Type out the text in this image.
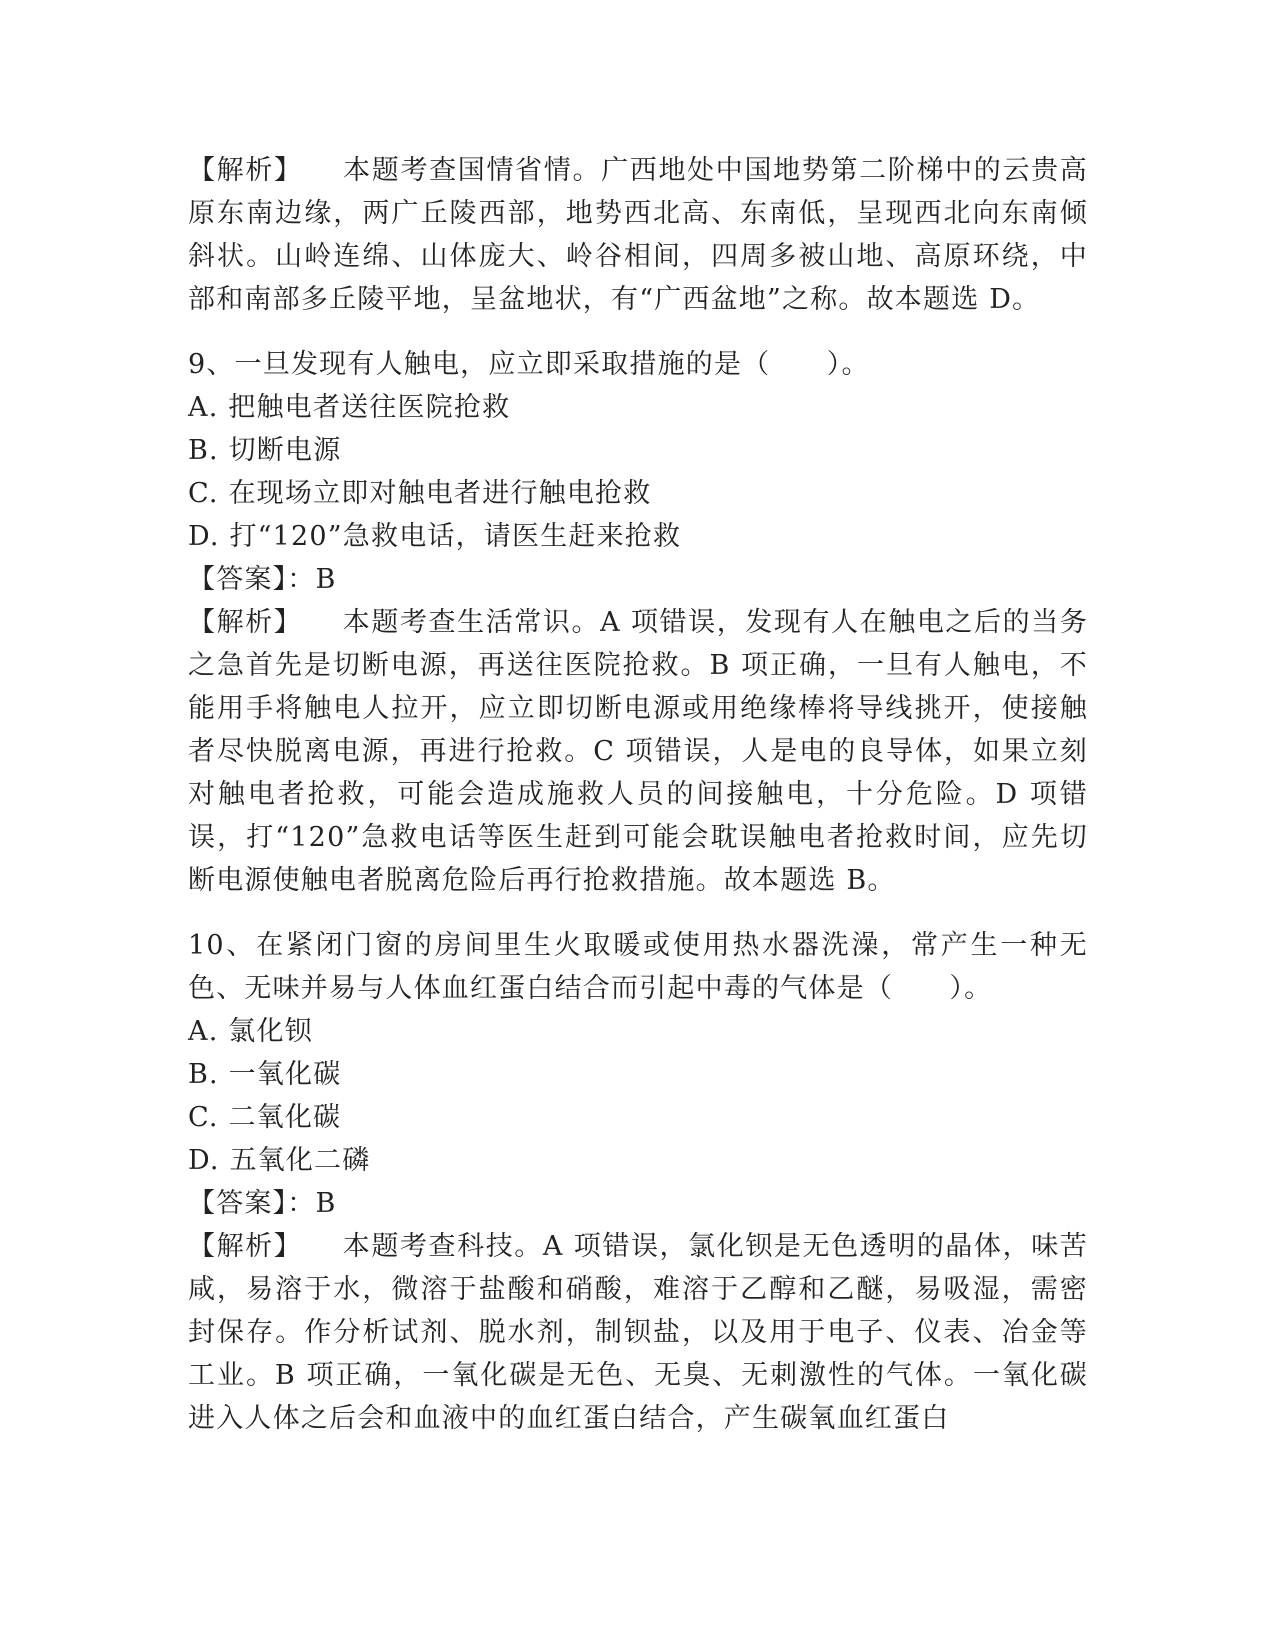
【解析】 本题考查国情省情。广西地处中国地势第二阶梯中的云贵高原东南边缘，两广丘陵西部，地势西北高、东南低，呈现西北向东南倾斜状。山岭连绵、山体庞大、岭谷相间，四周多被山地、高原环绕，中部和南部多丘陵平地，呈盆地状，有“广西盆地”之称。故本题选 D。

9、一旦发现有人触电，应立即采取措施的是（　　）。

A. 把触电者送往医院抢救

B. 切断电源

C. 在现场立即对触电者进行触电抢救

D. 打“120”急救电话，请医生赶来抢救

【答案】：B

【解析】 本题考查生活常识。A 项错误，发现有人在触电之后的当务之急首先是切断电源，再送往医院抢救。B 项正确，一旦有人触电，不能用手将触电人拉开，应立即切断电源或用绝缘棒将导线挑开，使接触者尽快脱离电源，再进行抢救。C 项错误，人是电的良导体，如果立刻对触电者抢救，可能会造成施救人员的间接触电，十分危险。D 项错误，打“120”急救电话等医生赶到可能会耽误触电者抢救时间，应先切断电源使触电者脱离危险后再行抢救措施。故本题选 B。

10、在紧闭门窗的房间里生火取暖或使用热水器洗澡，常产生一种无色、无味并易与人体血红蛋白结合而引起中毒的气体是（　　）。

A. 氯化钡

B. 一氧化碳

C. 二氧化碳

D. 五氧化二磷

【答案】：B

【解析】 本题考查科技。A 项错误，氯化钡是无色透明的晶体，味苦咸，易溶于水，微溶于盐酸和硝酸，难溶于乙醇和乙醚，易吸湿，需密封保存。作分析试剂、脱水剂，制钡盐，以及用于电子、仪表、冶金等工业。B 项正确，一氧化碳是无色、无臭、无刺激性的气体。一氧化碳进入人体之后会和血液中的血红蛋白结合，产生碳氧血红蛋白
